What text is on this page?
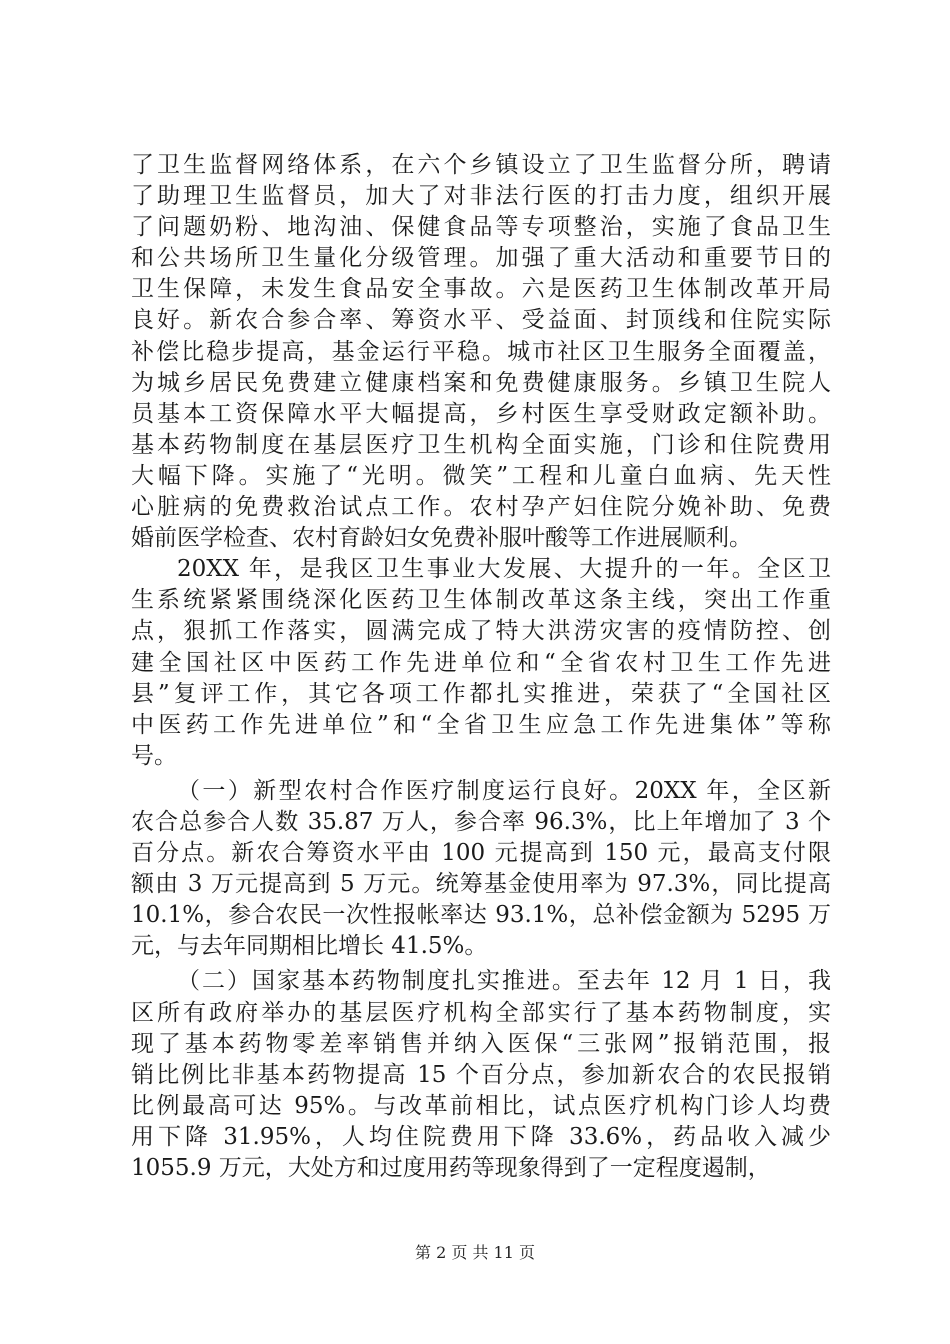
了卫生监督网络体系，在六个乡镇设立了卫生监督分所，聘请
了助理卫生监督员，加大了对非法行医的打击力度，组织开展
了问题奶粉、地沟油、保健食品等专项整治，实施了食品卫生
和公共场所卫生量化分级管理。加强了重大活动和重要节日的
卫生保障，未发生食品安全事故。六是医药卫生体制改革开局
良好。新农合参合率、筹资水平、受益面、封顶线和住院实际
补偿比稳步提高，基金运行平稳。城市社区卫生服务全面覆盖，
为城乡居民免费建立健康档案和免费健康服务。乡镇卫生院人
员基本工资保障水平大幅提高，乡村医生享受财政定额补助。
基本药物制度在基层医疗卫生机构全面实施，门诊和住院费用
大幅下降。实施了“光明。微笑”工程和儿童白血病、先天性
心脏病的免费救治试点工作。农村孕产妇住院分娩补助、免费
婚前医学检查、农村育龄妇女免费补服叶酸等工作进展顺利。
20XX 年，是我区卫生事业大发展、大提升的一年。全区卫
生系统紧紧围绕深化医药卫生体制改革这条主线，突出工作重
点，狠抓工作落实，圆满完成了特大洪涝灾害的疫情防控、创
建全国社区中医药工作先进单位和“全省农村卫生工作先进
县”复评工作，其它各项工作都扎实推进，荣获了“全国社区
中医药工作先进单位”和“全省卫生应急工作先进集体”等称
号。
（一）新型农村合作医疗制度运行良好。20XX 年，全区新
农合总参合人数 35.87 万人，参合率 96.3%，比上年增加了 3 个
百分点。新农合筹资水平由 100 元提高到 150 元，最高支付限
额由 3 万元提高到 5 万元。统筹基金使用率为 97.3%，同比提高
10.1%，参合农民一次性报帐率达 93.1%，总补偿金额为 5295 万
元，与去年同期相比增长 41.5%。
（二）国家基本药物制度扎实推进。至去年 12 月 1 日，我
区所有政府举办的基层医疗机构全部实行了基本药物制度，实
现了基本药物零差率销售并纳入医保“三张网”报销范围，报
销比例比非基本药物提高 15 个百分点，参加新农合的农民报销
比例最高可达 95%。与改革前相比，试点医疗机构门诊人均费
用下降 31.95%，人均住院费用下降 33.6%，药品收入减少
1055.9 万元，大处方和过度用药等现象得到了一定程度遏制，
第 2 页 共 11 页
